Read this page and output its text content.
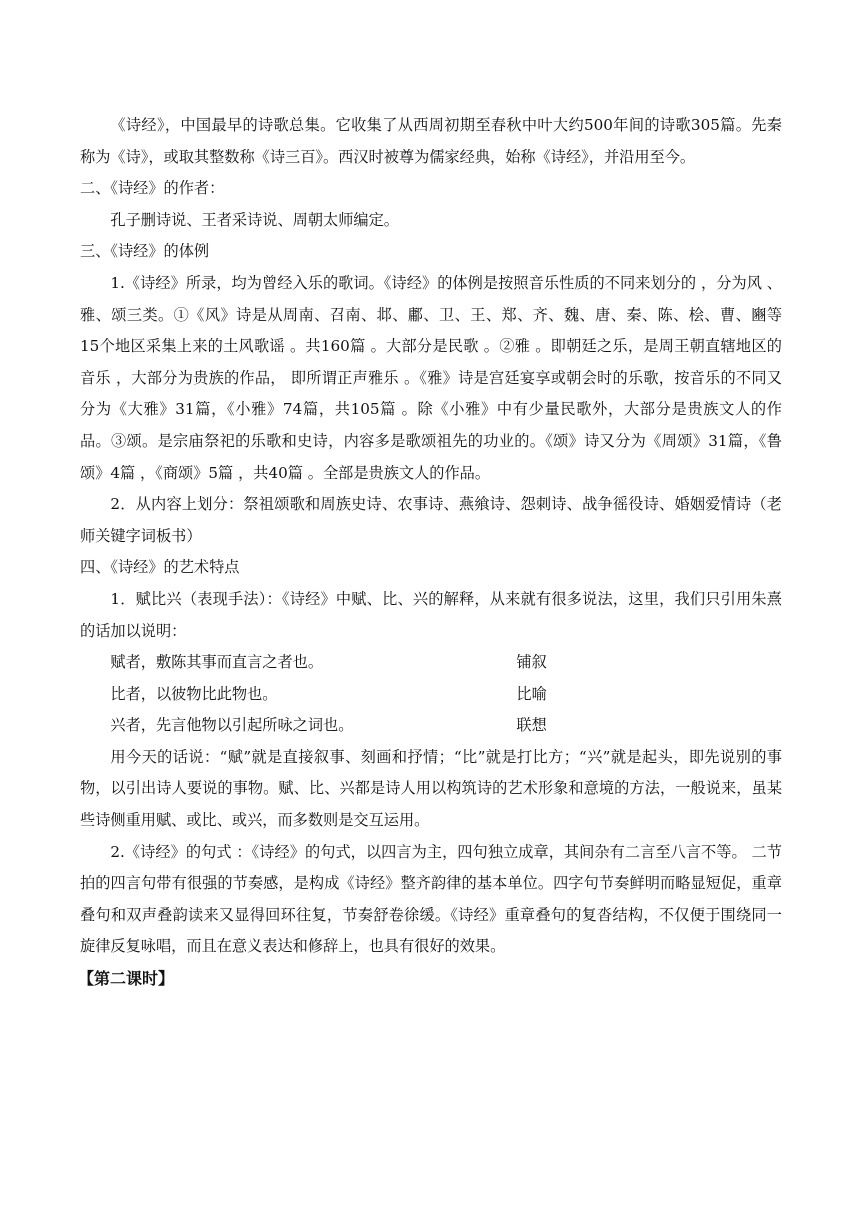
《诗经》，中国最早的诗歌总集。它收集了从西周初期至春秋中叶大约500年间的诗歌305篇。先秦称为《诗》，或取其整数称《诗三百》。西汉时被尊为儒家经典，始称《诗经》，并沿用至今。

二、《诗经》的作者：

孔子删诗说、王者采诗说、周朝太师编定。

三、《诗经》的体例

1.《诗经》所录，均为曾经入乐的歌词。《诗经》的体例是按照音乐性质的不同来划分的 ，分为风 、 雅、颂三类。①《风》诗是从周南、召南、邶、鄘、卫、王、郑、齐、魏、唐、秦、陈、桧、曹、豳等15个地区采集上来的土风歌谣 。共160篇 。大部分是民歌 。②雅 。即朝廷之乐，是周王朝直辖地区的音乐 ，大部分为贵族的作品， 即所谓正声雅乐 。《雅》诗是宫廷宴享或朝会时的乐歌，按音乐的不同又分为《大雅》31篇，《小雅》74篇，共105篇 。除《小雅》中有少量民歌外，大部分是贵族文人的作品。③颂。是宗庙祭祀的乐歌和史诗，内容多是歌颂祖先的功业的。《颂》诗又分为《周颂》31篇，《鲁颂》4篇 ，《商颂》5篇 ，共40篇 。全部是贵族文人的作品。

2．从内容上划分：祭祖颂歌和周族史诗、农事诗、燕飨诗、怨刺诗、战争徭役诗、婚姻爱情诗（老师关键字词板书）

四、《诗经》的艺术特点

1．赋比兴（表现手法）：《诗经》中赋、比、兴的解释，从来就有很多说法，这里，我们只引用朱熹的话加以说明：

赋者，敷陈其事而直言之者也。	铺叙
比者，以彼物比此物也。	比喻
兴者，先言他物以引起所咏之词也。	联想

用今天的话说：“赋”就是直接叙事、刻画和抒情；“比”就是打比方；“兴”就是起头，即先说别的事物，以引出诗人要说的事物。赋、比、兴都是诗人用以构筑诗的艺术形象和意境的方法，一般说来，虽某些诗侧重用赋、或比、或兴，而多数则是交互运用。

2.《诗经》的句式 ：《诗经》的句式，以四言为主，四句独立成章，其间杂有二言至八言不等。 二节拍的四言句带有很强的节奏感，是构成《诗经》整齐韵律的基本单位。四字句节奏鲜明而略显短促，重章叠句和双声叠韵读来又显得回环往复，节奏舒卷徐缓。《诗经》重章叠句的复沓结构，不仅便于围绕同一旋律反复咏唱，而且在意义表达和修辞上，也具有很好的效果。

【第二课时】
